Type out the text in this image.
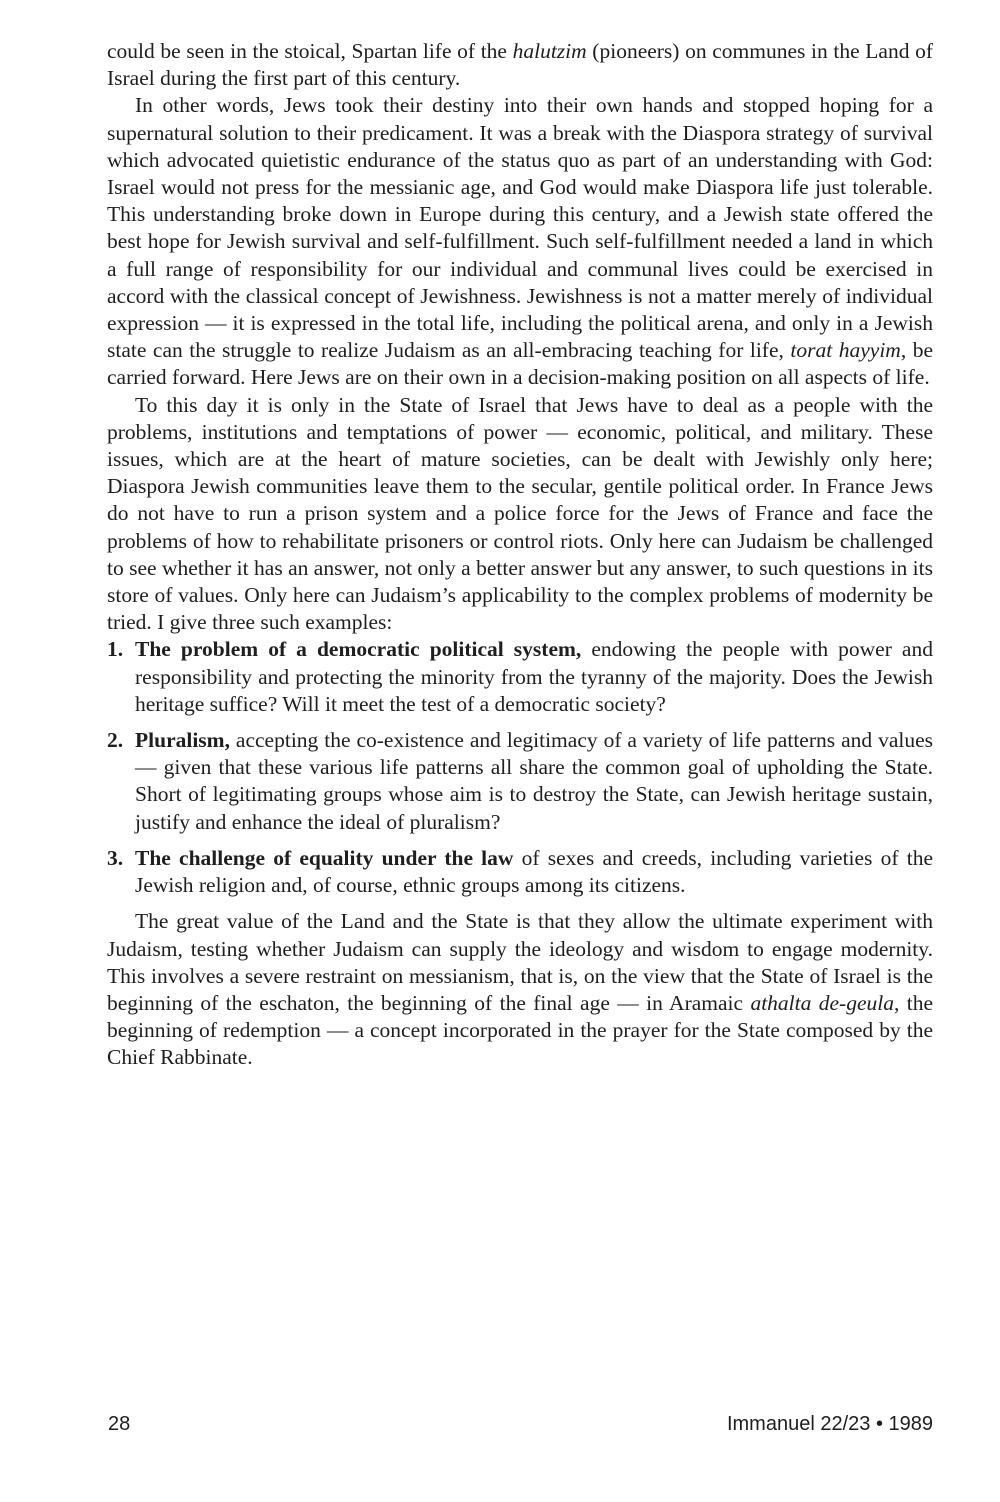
could be seen in the stoical, Spartan life of the halutzim (pioneers) on communes in the Land of Israel during the first part of this century.

In other words, Jews took their destiny into their own hands and stopped hoping for a supernatural solution to their predicament. It was a break with the Diaspora strategy of survival which advocated quietistic endurance of the status quo as part of an understanding with God: Israel would not press for the messianic age, and God would make Diaspora life just tolerable. This understanding broke down in Europe during this century, and a Jewish state offered the best hope for Jewish survival and self-fulfillment. Such self-fulfillment needed a land in which a full range of responsibility for our individual and communal lives could be exercised in accord with the classical concept of Jewishness. Jewishness is not a matter merely of individual expression — it is expressed in the total life, including the political arena, and only in a Jewish state can the struggle to realize Judaism as an all-embracing teaching for life, torat hayyim, be carried forward. Here Jews are on their own in a decision-making position on all aspects of life.

To this day it is only in the State of Israel that Jews have to deal as a people with the problems, institutions and temptations of power — economic, political, and military. These issues, which are at the heart of mature societies, can be dealt with Jewishly only here; Diaspora Jewish communities leave them to the secular, gentile political order. In France Jews do not have to run a prison system and a police force for the Jews of France and face the problems of how to rehabilitate prisoners or control riots. Only here can Judaism be challenged to see whether it has an answer, not only a better answer but any answer, to such questions in its store of values. Only here can Judaism’s applicability to the complex problems of modernity be tried. I give three such examples:

1. The problem of a democratic political system, endowing the people with power and responsibility and protecting the minority from the tyranny of the majority. Does the Jewish heritage suffice? Will it meet the test of a democratic society?
2. Pluralism, accepting the co-existence and legitimacy of a variety of life patterns and values — given that these various life patterns all share the common goal of upholding the State. Short of legitimating groups whose aim is to destroy the State, can Jewish heritage sustain, justify and enhance the ideal of pluralism?
3. The challenge of equality under the law of sexes and creeds, including varieties of the Jewish religion and, of course, ethnic groups among its citizens.

The great value of the Land and the State is that they allow the ultimate experiment with Judaism, testing whether Judaism can supply the ideology and wisdom to engage modernity. This involves a severe restraint on messianism, that is, on the view that the State of Israel is the beginning of the eschaton, the beginning of the final age — in Aramaic athalta de-geula, the beginning of redemption — a concept incorporated in the prayer for the State composed by the Chief Rabbinate.

28	Immanuel 22/23 • 1989
